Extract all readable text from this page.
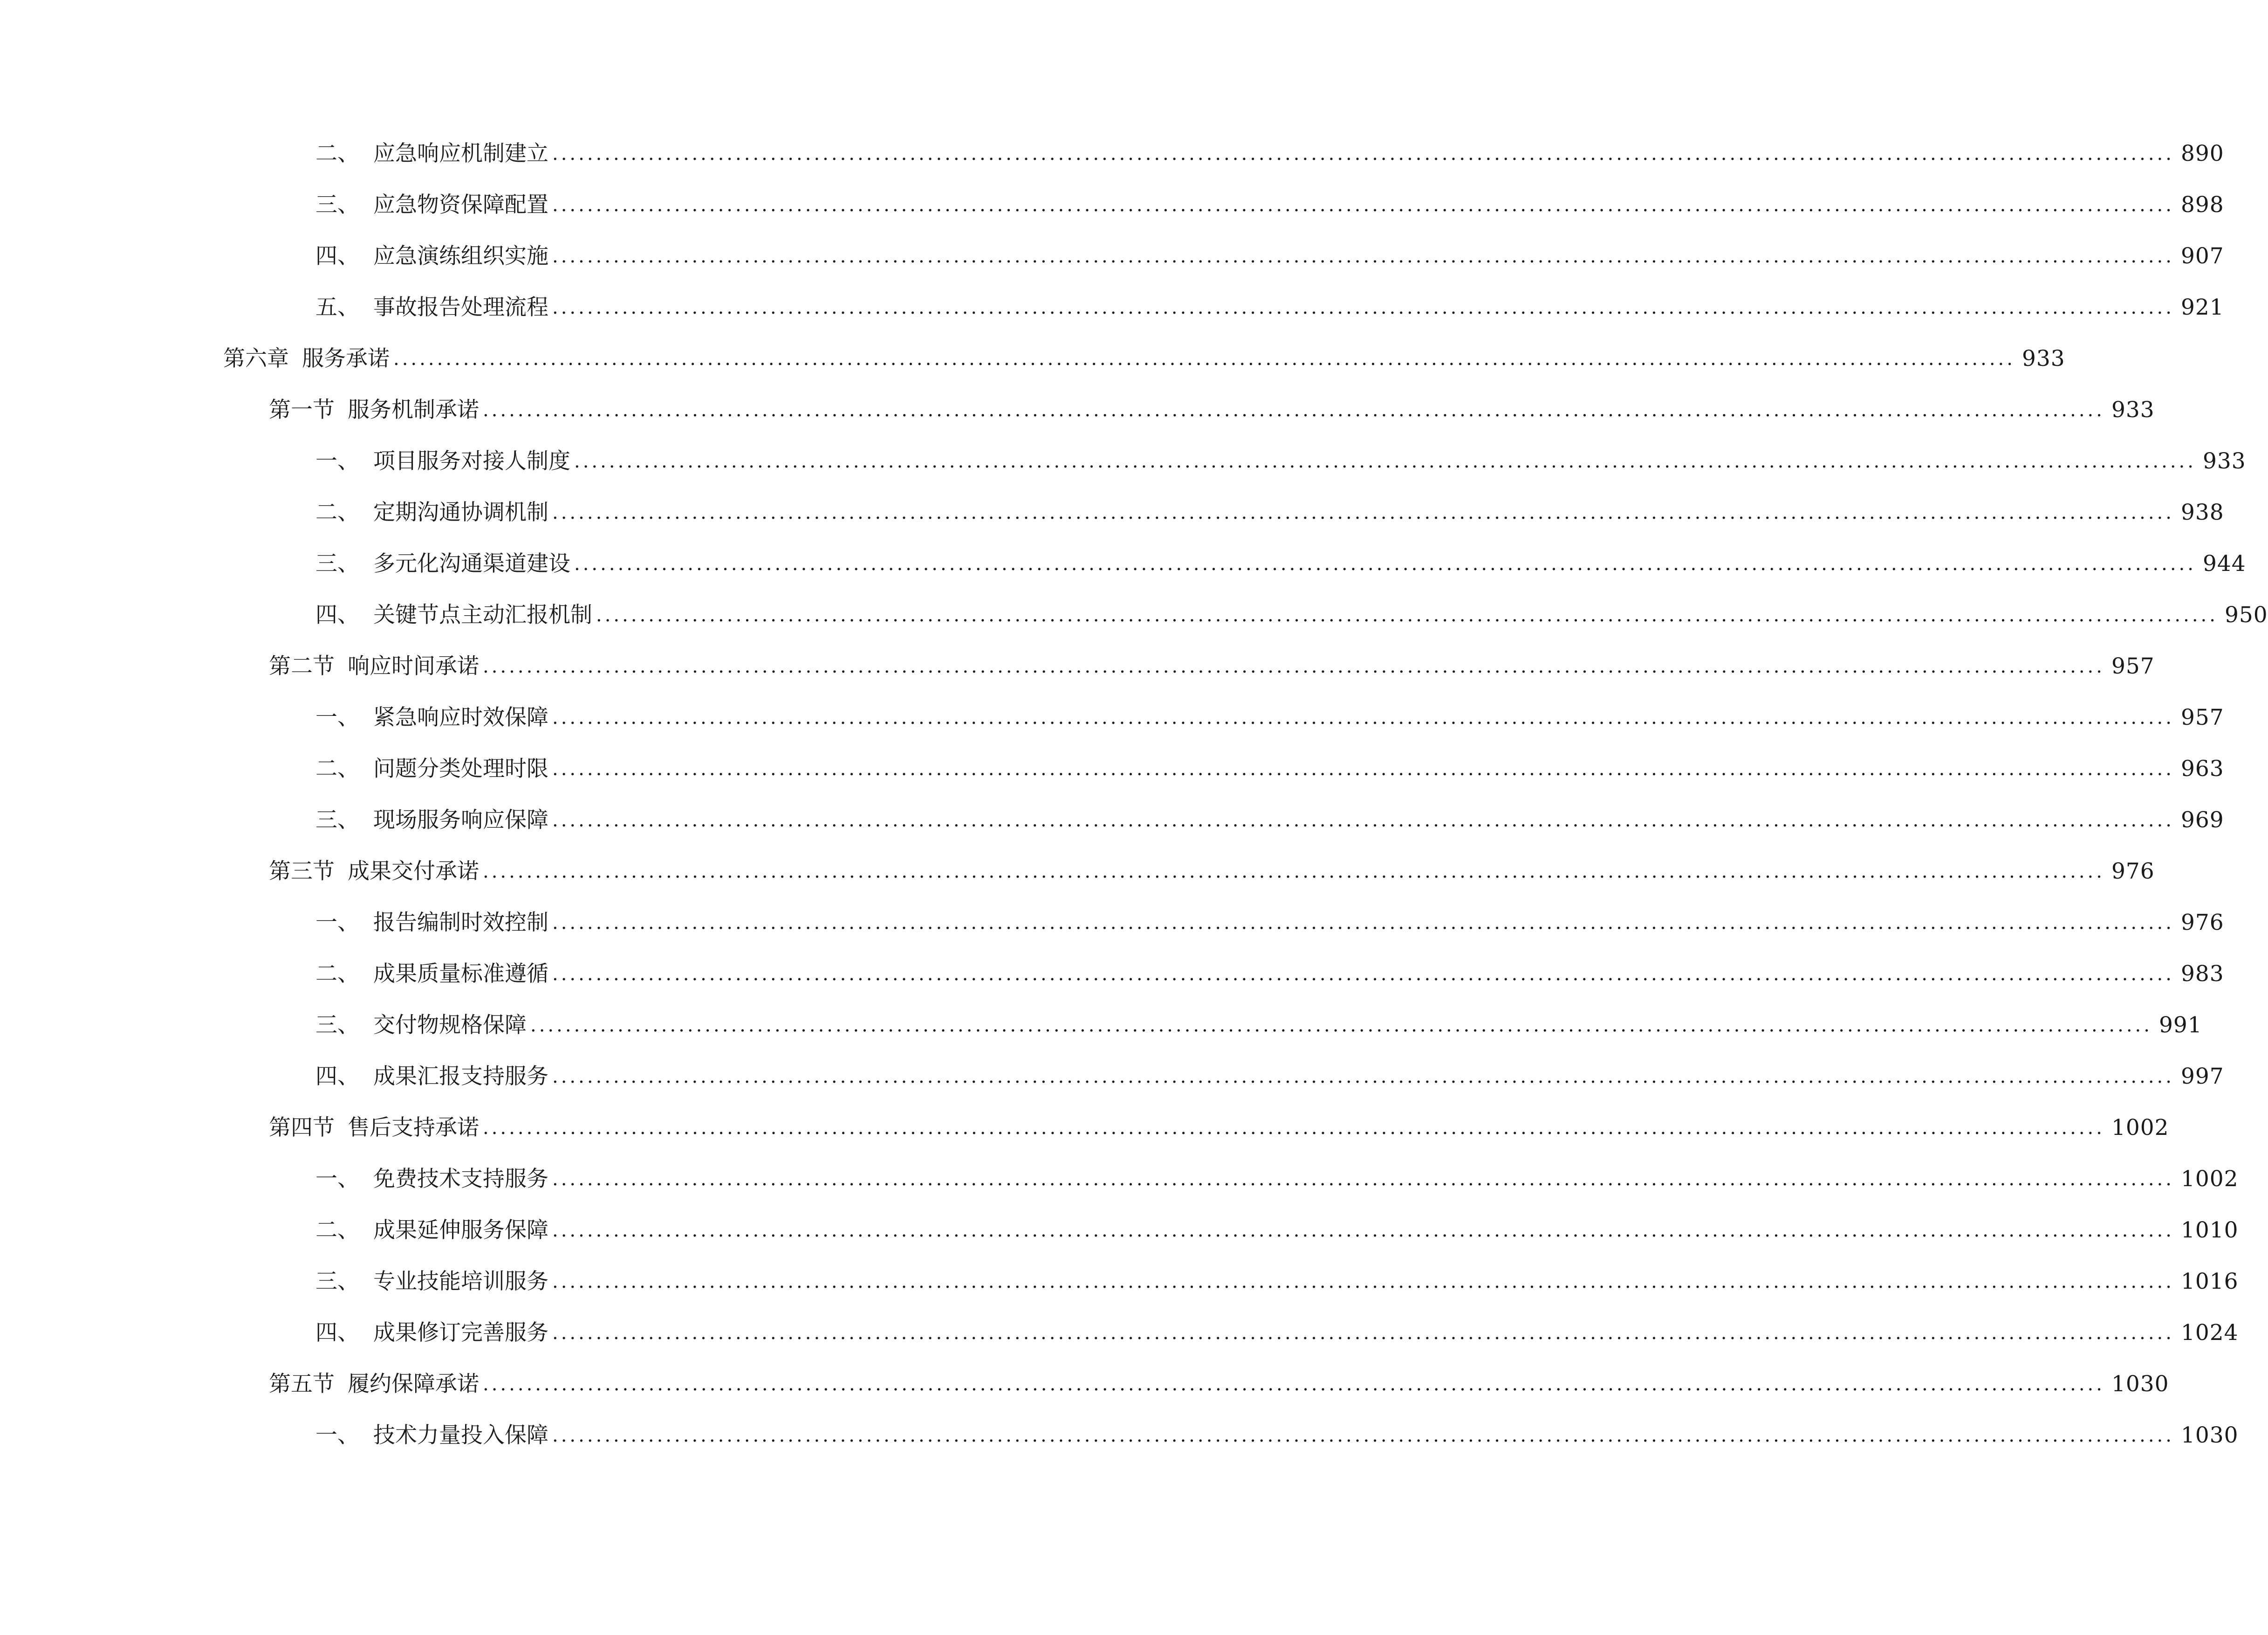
二、 应急响应机制建立 .......................................................................................................................................................................................... 890
三、 应急物资保障配置 .......................................................................................................................................................................................... 898
四、 应急演练组织实施 .......................................................................................................................................................................................... 907
五、 事故报告处理流程 .......................................................................................................................................................................................... 921
第六章 服务承诺 .......................................................................................................................................................................................... 933
第一节 服务机制承诺 .......................................................................................................................................................................................... 933
一、 项目服务对接人制度 .......................................................................................................................................................................................... 933
二、 定期沟通协调机制 .......................................................................................................................................................................................... 938
三、 多元化沟通渠道建设 .......................................................................................................................................................................................... 944
四、 关键节点主动汇报机制 .......................................................................................................................................................................................... 950
第二节 响应时间承诺 .......................................................................................................................................................................................... 957
一、 紧急响应时效保障 .......................................................................................................................................................................................... 957
二、 问题分类处理时限 .......................................................................................................................................................................................... 963
三、 现场服务响应保障 .......................................................................................................................................................................................... 969
第三节 成果交付承诺 .......................................................................................................................................................................................... 976
一、 报告编制时效控制 .......................................................................................................................................................................................... 976
二、 成果质量标准遵循 .......................................................................................................................................................................................... 983
三、 交付物规格保障 .......................................................................................................................................................................................... 991
四、 成果汇报支持服务 .......................................................................................................................................................................................... 997
第四节 售后支持承诺 .......................................................................................................................................................................................... 1002
一、 免费技术支持服务 .......................................................................................................................................................................................... 1002
二、 成果延伸服务保障 .......................................................................................................................................................................................... 1010
三、 专业技能培训服务 .......................................................................................................................................................................................... 1016
四、 成果修订完善服务 .......................................................................................................................................................................................... 1024
第五节 履约保障承诺 .......................................................................................................................................................................................... 1030
一、 技术力量投入保障 .......................................................................................................................................................................................... 1030
